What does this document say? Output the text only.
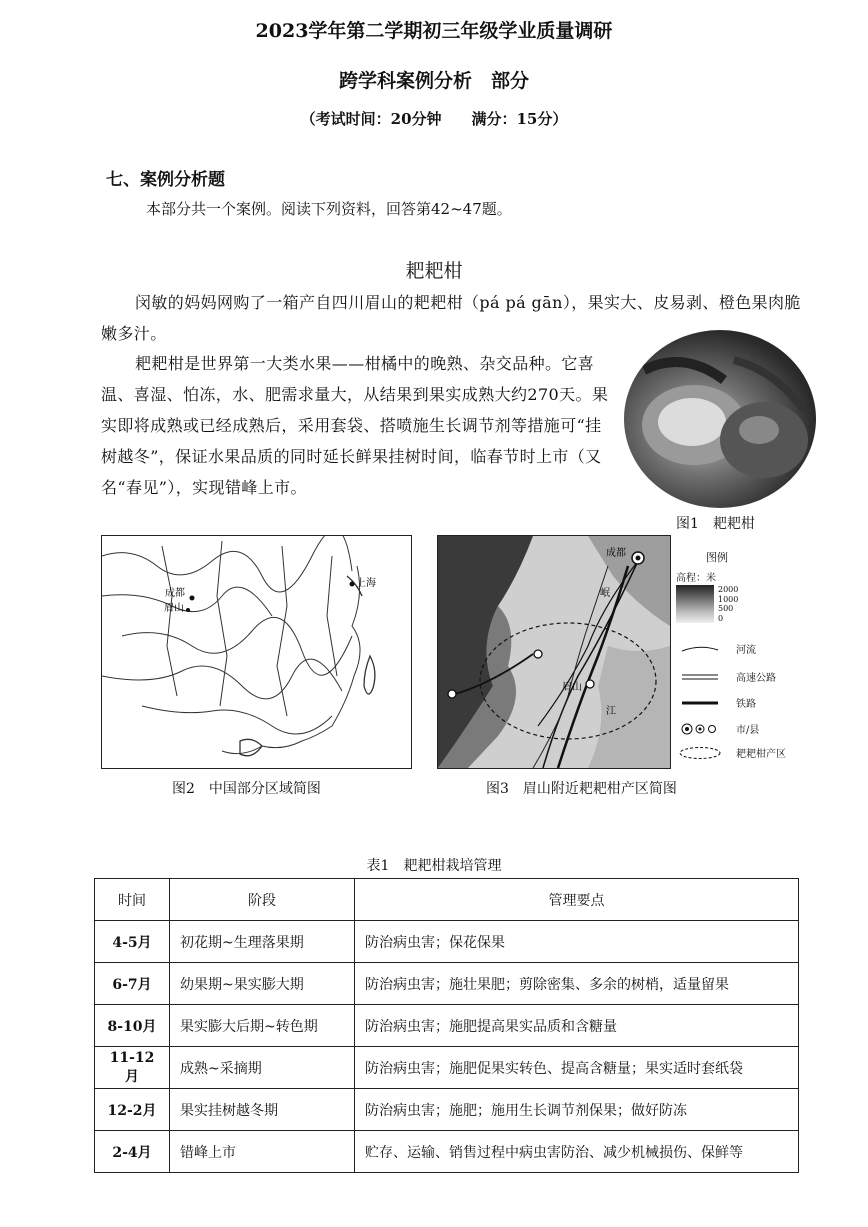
2023学年第二学期初三年级学业质量调研
跨学科案例分析　部分
（考试时间：20分钟　　满分：15分）
七、案例分析题
本部分共一个案例。阅读下列资料，回答第42~47题。
耙耙柑
闵敏的妈妈网购了一箱产自四川眉山的耙耙柑（pá pá gān），果实大、皮易剥、橙色果肉脆嫩多汁。
耙耙柑是世界第一大类水果——柑橘中的晚熟、杂交品种。它喜温、喜湿、怕冻，水、肥需求量大，从结果到果实成熟大约270天。果实即将成熟或已经成熟后，采用套袋、搭喷施生长调节剂等措施可“挂树越冬”，保证水果品质的同时延长鲜果挂树时间，临春节时上市（又名“春见”），实现错峰上市。
图1　耙耙柑
成都
眉山
上海
图2　中国部分区域简图
成都
眉山
岷
江
图3　眉山附近耙耙柑产区简图
图例
高程：米
2000
1000
500
0
河流
高速公路
铁路
市/县
耙耙柑产区
表1　耙耙柑栽培管理
时间	阶段	管理要点
4-5月	初花期~生理落果期	防治病虫害；保花保果
6-7月	幼果期~果实膨大期	防治病虫害；施壮果肥；剪除密集、多余的树梢，适量留果
8-10月	果实膨大后期~转色期	防治病虫害；施肥提高果实品质和含糖量
11-12月	成熟~采摘期	防治病虫害；施肥促果实转色、提高含糖量；果实适时套纸袋
12-2月	果实挂树越冬期	防治病虫害；施肥；施用生长调节剂保果；做好防冻
2-4月	错峰上市	贮存、运输、销售过程中病虫害防治、减少机械损伤、保鲜等
